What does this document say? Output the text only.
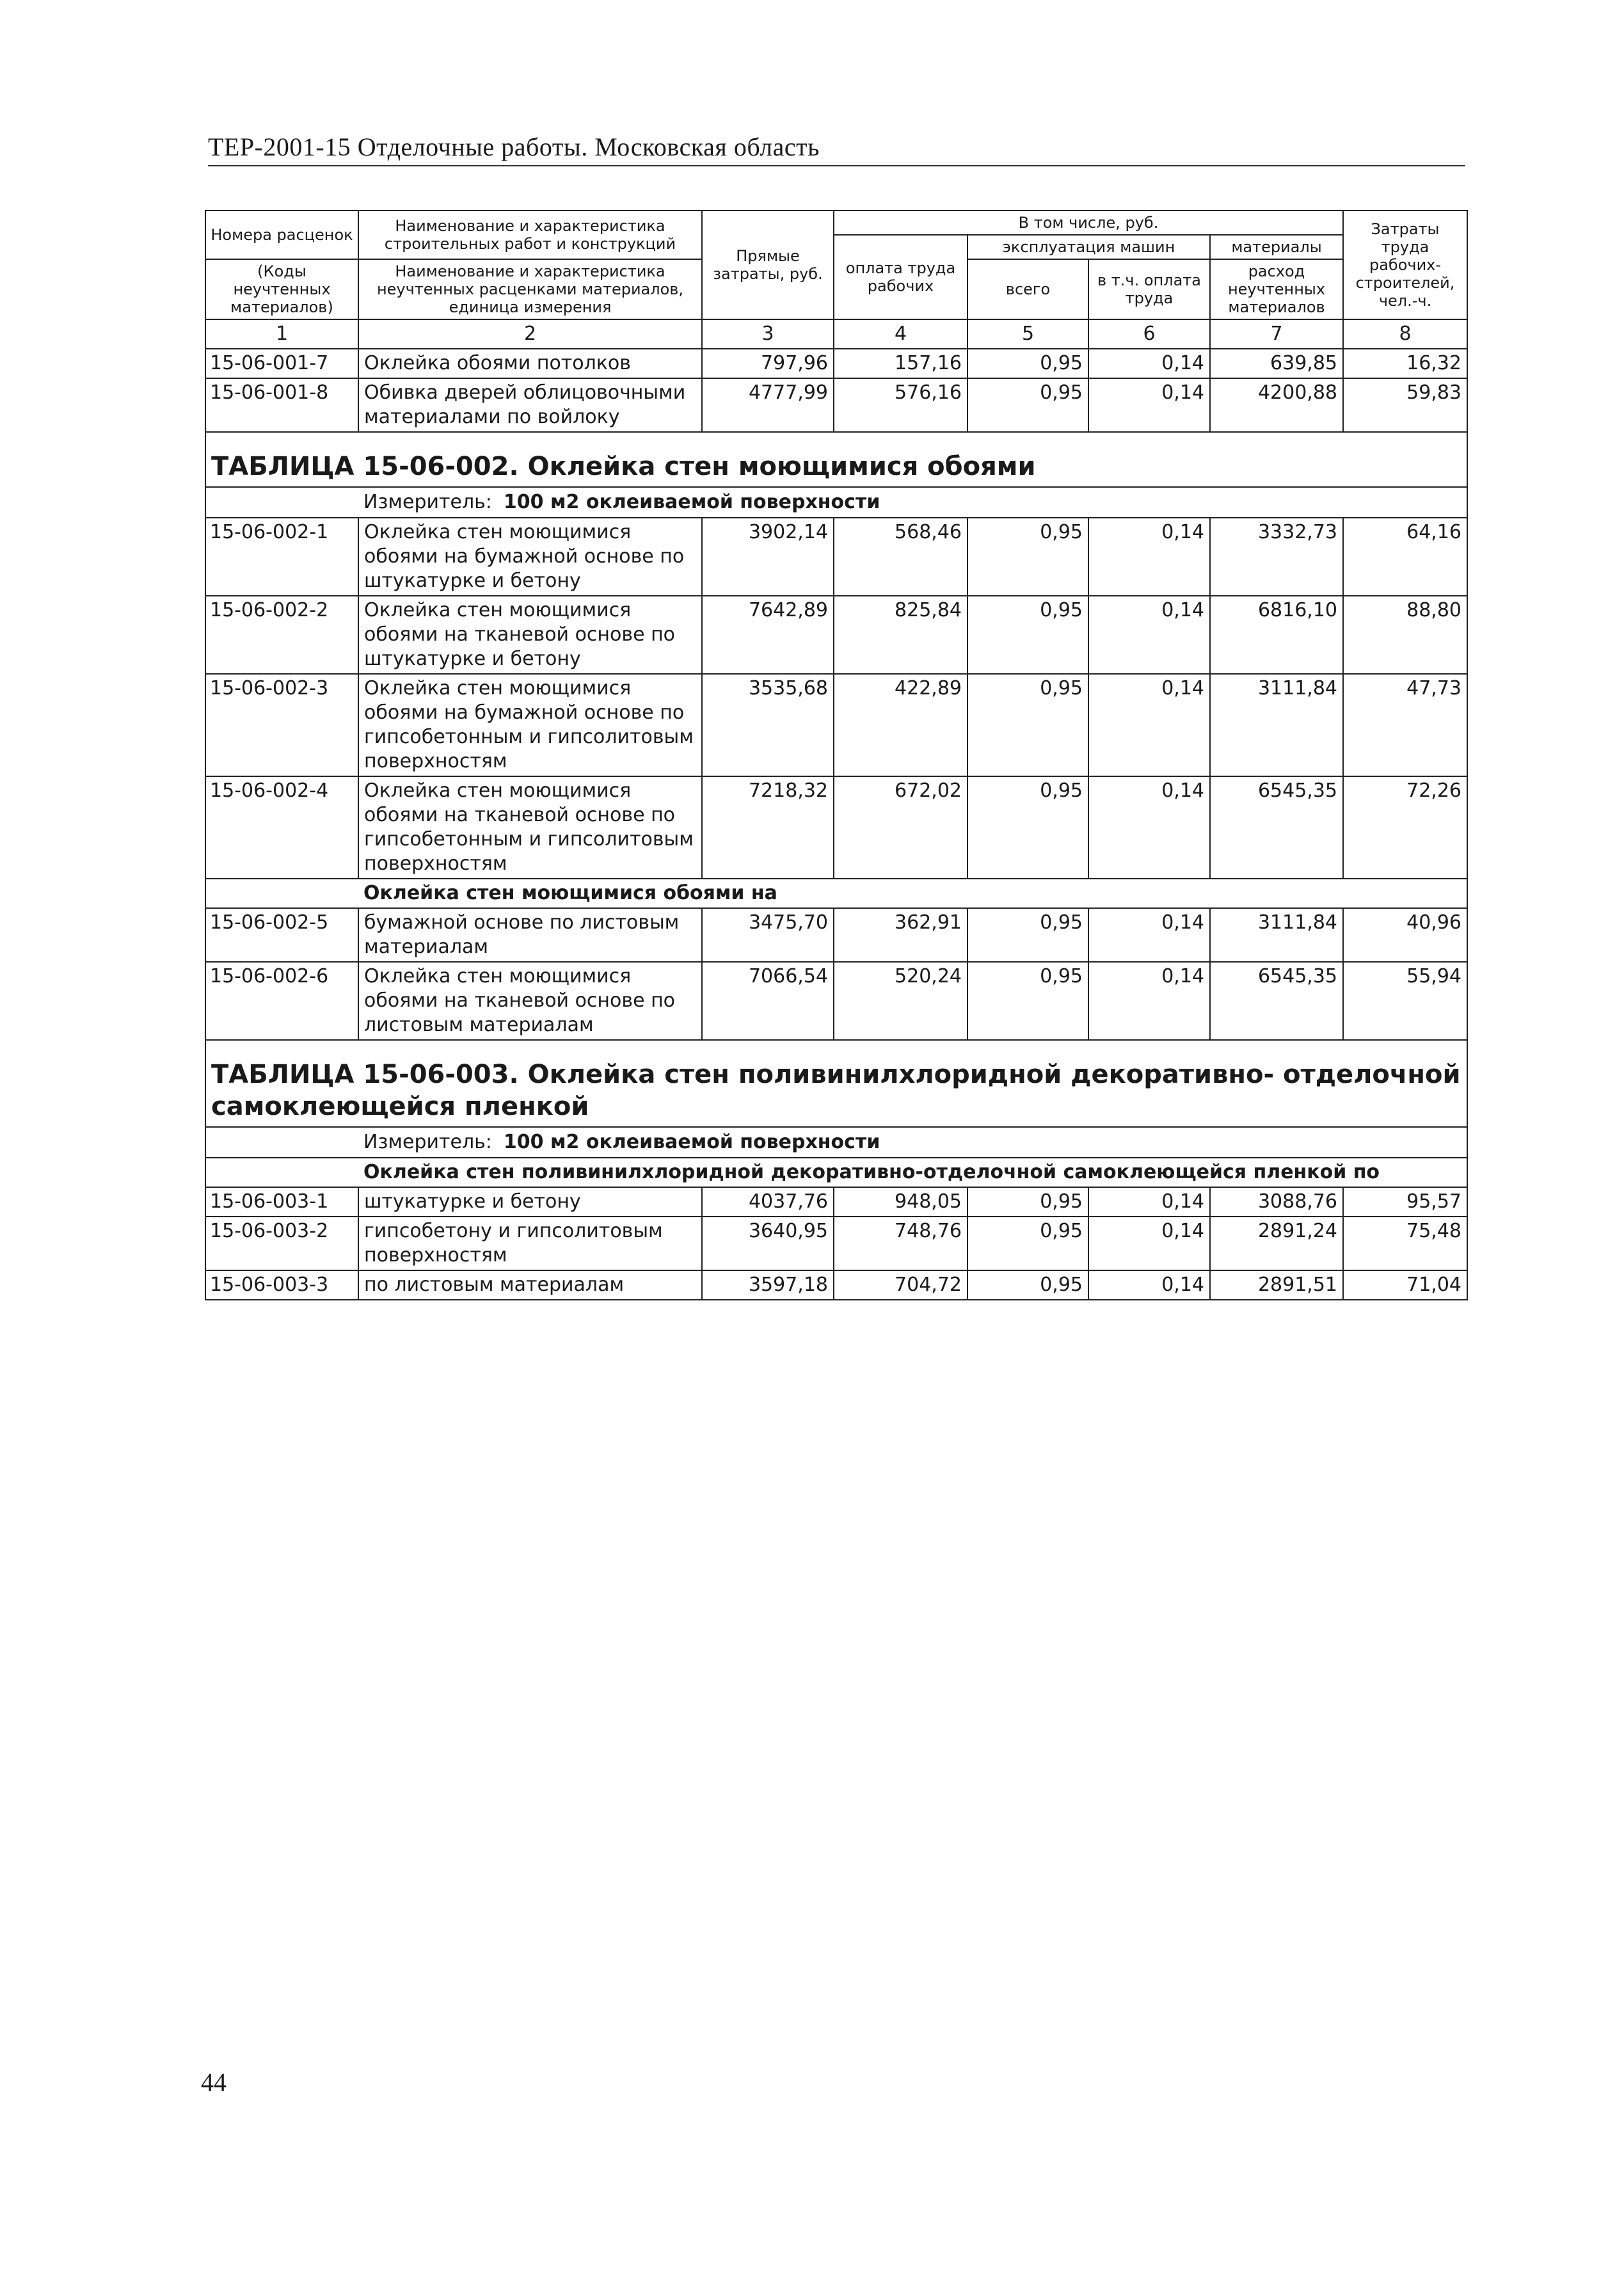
ТЕР-2001-15 Отделочные работы. Московская область
Номера расценок	Наименование и характеристика строительных работ и конструкций	Прямые затраты, руб.	В том числе, руб.				Затраты труда рабочих-строителей, чел.-ч.
			оплата труда рабочих	эксплуатация машин		материалы	
(Коды неучтенных материалов)	Наименование и характеристика неучтенных расценками материалов, единица измерения			всего	в т.ч. оплата труда	расход неучтенных материалов	

1	2	3	4	5	6	7	8
15-06-001-7	Оклейка обоями потолков	797,96	157,16	0,95	0,14	639,85	16,32
15-06-001-8	Обивка дверей облицовочными материалами по войлоку	4777,99	576,16	0,95	0,14	4200,88	59,83
ТАБЛИЦА 15-06-002. Оклейка стен моющимися обоями							
	Измеритель: 100 м2 оклеиваемой поверхности						
15-06-002-1	Оклейка стен моющимися обоями на бумажной основе по штукатурке и бетону	3902,14	568,46	0,95	0,14	3332,73	64,16
15-06-002-2	Оклейка стен моющимися обоями на тканевой основе по штукатурке и бетону	7642,89	825,84	0,95	0,14	6816,10	88,80
15-06-002-3	Оклейка стен моющимися обоями на бумажной основе по гипсобетонным и гипсолитовым поверхностям	3535,68	422,89	0,95	0,14	3111,84	47,73
15-06-002-4	Оклейка стен моющимися обоями на тканевой основе по гипсобетонным и гипсолитовым поверхностям	7218,32	672,02	0,95	0,14	6545,35	72,26
	Оклейка стен моющимися обоями на						
15-06-002-5	бумажной основе по листовым материалам	3475,70	362,91	0,95	0,14	3111,84	40,96
15-06-002-6	Оклейка стен моющимися обоями на тканевой основе по листовым материалам	7066,54	520,24	0,95	0,14	6545,35	55,94
ТАБЛИЦА 15-06-003. Оклейка стен поливинилхлоридной декоративно- отделочной самоклеющейся пленкой							
	Измеритель: 100 м2 оклеиваемой поверхности						
	Оклейка стен поливинилхлоридной декоративно-отделочной самоклеющейся пленкой по						
15-06-003-1	штукатурке и бетону	4037,76	948,05	0,95	0,14	3088,76	95,57
15-06-003-2	гипсобетону и гипсолитовым поверхностям	3640,95	748,76	0,95	0,14	2891,24	75,48
15-06-003-3	по листовым материалам	3597,18	704,72	0,95	0,14	2891,51	71,04
44
